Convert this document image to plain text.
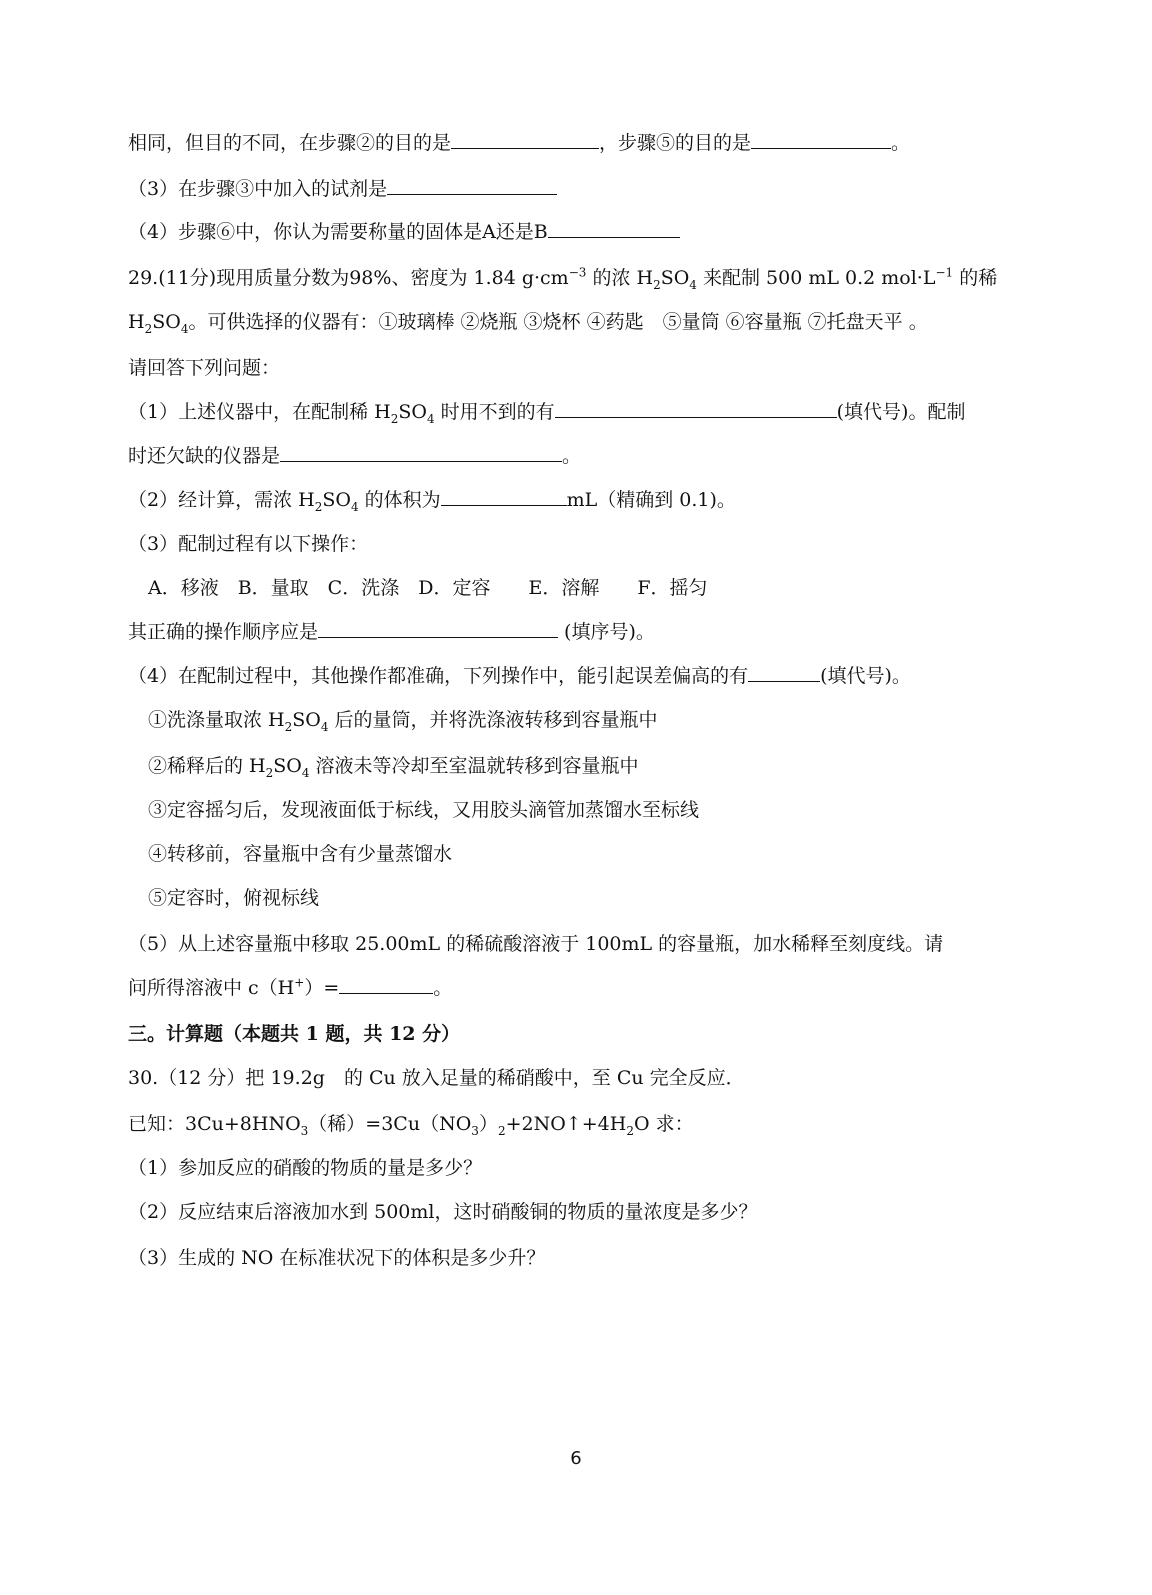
相同，但目的不同，在步骤②的目的是	，步骤⑤的目的是	。
（3）在步骤③中加入的试剂是
（4）步骤⑥中，你认为需要称量的固体是A还是B
29.(11分)现用质量分数为98%、密度为 1.84 $g\cdot cm^{-3}$ 的浓 $H_2SO_4$ 来配制 500 mL 0.2 $mol\cdot L^{-1}$ 的稀
$H_2SO_4$。可供选择的仪器有：①玻璃棒 ②烧瓶 ③烧杯 ④药匙　⑤量筒 ⑥容量瓶 ⑦托盘天平 。
请回答下列问题：
（1）上述仪器中，在配制稀 $H_2SO_4$ 时用不到的有	(填代号)。配制
时还欠缺的仪器是	。
（2）经计算，需浓 $H_2SO_4$ 的体积为	mL（精确到 0.1)。
（3）配制过程有以下操作：
A．移液　B．量取　C．洗涤　D．定容　　E．溶解　　F．摇匀
其正确的操作顺序应是	(填序号)。
（4）在配制过程中，其他操作都准确，下列操作中，能引起误差偏高的有	(填代号)。
①洗涤量取浓 $H_2SO_4$ 后的量筒，并将洗涤液转移到容量瓶中
②稀释后的 $H_2SO_4$ 溶液未等冷却至室温就转移到容量瓶中
③定容摇匀后，发现液面低于标线，又用胶头滴管加蒸馏水至标线
④转移前，容量瓶中含有少量蒸馏水
⑤定容时，俯视标线
（5）从上述容量瓶中移取 25.00mL 的稀硫酸溶液于 100mL 的容量瓶，加水稀释至刻度线。请
问所得溶液中 c（H+）=	。
三。计算题（本题共 1 题，共 12 分）
30.（12 分）把 19.2g　的 Cu 放入足量的稀硝酸中，至 Cu 完全反应．
已知：$3Cu+8HNO_3$（稀）$=3Cu(NO_3)_2+2NO↑+4H_2O$ 求：
（1）参加反应的硝酸的物质的量是多少？
（2）反应结束后溶液加水到 500ml，这时硝酸铜的物质的量浓度是多少？
（3）生成的 NO 在标准状况下的体积是多少升？
6
